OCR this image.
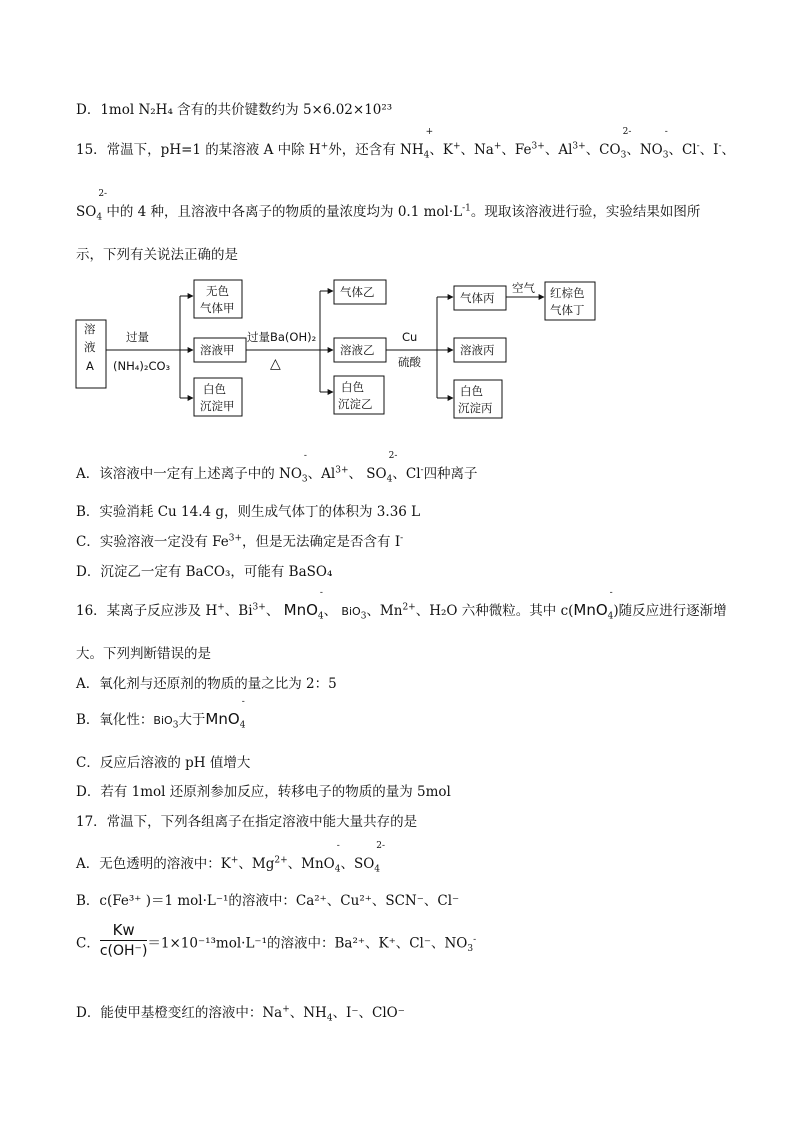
D．1mol N₂H₄ 含有的共价键数约为 5×6.02×10²³
15．常温下，pH=1 的某溶液 A 中除 H+外，还含有 NH
+
$_4$、K+、Na+、$Fe^{3+}$、$Al^{3+}$、CO
2-
$_3$、NO
-
$_3$、Cl-、I-、
SO
2-
$_4$ 中的 4 种，且溶液中各离子的物质的量浓度均为 0.1 $mol\cdot L^{-1}$。现取该溶液进行验，实验结果如图所
示，下列有关说法正确的是
溶
液
A
过量
(NH₄)₂CO₃
无色
气体甲
溶液甲
白色
沉淀甲
过量Ba(OH)₂
△
气体乙
溶液乙
白色
沉淀乙
Cu
硫酸
气体丙
溶液丙
白色
沉淀丙
空气 红棕色
气体丁
A．该溶液中一定有上述离子中的 NO
-
$_3$、$Al^{3+}$、 SO
2-
$_4$、Cl-四种离子
B．实验消耗 Cu 14.4 g，则生成气体丁的体积为 3.36 L
C．实验溶液一定没有 $Fe^{3+}$，但是无法确定是否含有 I-
D．沉淀乙一定有 BaCO₃，可能有 BaSO₄
16．某离子反应涉及 H+、$Bi^{3+}$、 MnO
-
$_4$、 BiO$_3$、$Mn^{2+}$、H₂O 六种微粒。其中 c(MnO
-
$_4$)随反应进行逐渐增
大。下列判断错误的是
A．氧化剂与还原剂的物质的量之比为 2：5
B．氧化性：BiO$_3$大于MnO
-
$_4$
C．反应后溶液的 pH 值增大
D．若有 1mol 还原剂参加反应，转移电子的物质的量为 5mol
17．常温下，下列各组离子在指定溶液中能大量共存的是
A．无色透明的溶液中：K+、$Mg^{2+}$、MnO
-
$_4$、SO
2-
$_4$
B．c(Fe³⁺ )＝1 mol·L⁻¹的溶液中：Ca²⁺、Cu²⁺、SCN⁻、Cl⁻
C． $\frac{Kw}{c(OH^-)} =1\times 10^{-13}mol\cdot L^{-1}$的溶液中：Ba²⁺、K⁺、Cl⁻、$NO_3^-$
D．能使甲基橙变红的溶液中：Na+、$NH_4$、I⁻、ClO⁻
